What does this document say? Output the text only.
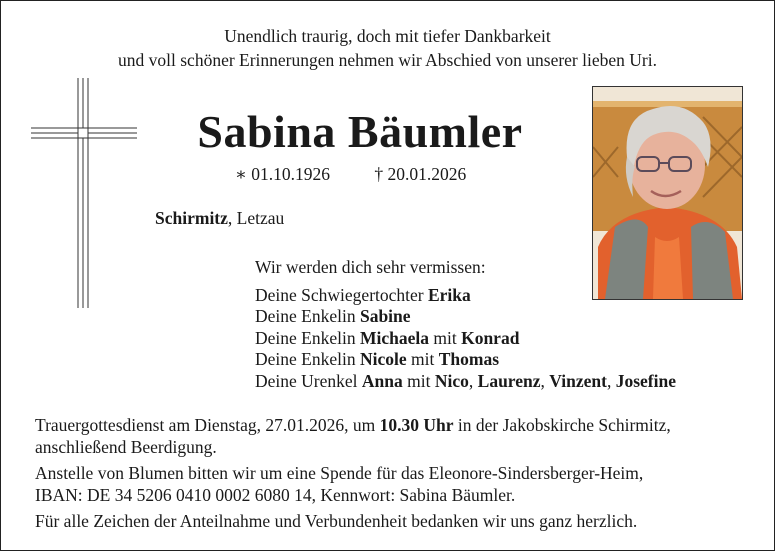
Unendlich traurig, doch mit tiefer Dankbarkeit
und voll schöner Erinnerungen nehmen wir Abschied von unserer lieben Uri.
Sabina Bäumler
∗ 01.10.1926	† 20.01.2026
Schirmitz, Letzau
Wir werden dich sehr vermissen:
Deine Schwiegertochter Erika
Deine Enkelin Sabine
Deine Enkelin Michaela mit Konrad
Deine Enkelin Nicole mit Thomas
Deine Urenkel Anna mit Nico, Laurenz, Vinzent, Josefine

Trauergottesdienst am Dienstag, 27.01.2026, um 10.30 Uhr in der Jakobskirche Schirmitz,
anschließend Beerdigung.

Anstelle von Blumen bitten wir um eine Spende für das Eleonore-Sindersberger-Heim,
IBAN: DE 34 5206 0410 0002 6080 14, Kennwort: Sabina Bäumler.

Für alle Zeichen der Anteilnahme und Verbundenheit bedanken wir uns ganz herzlich.
